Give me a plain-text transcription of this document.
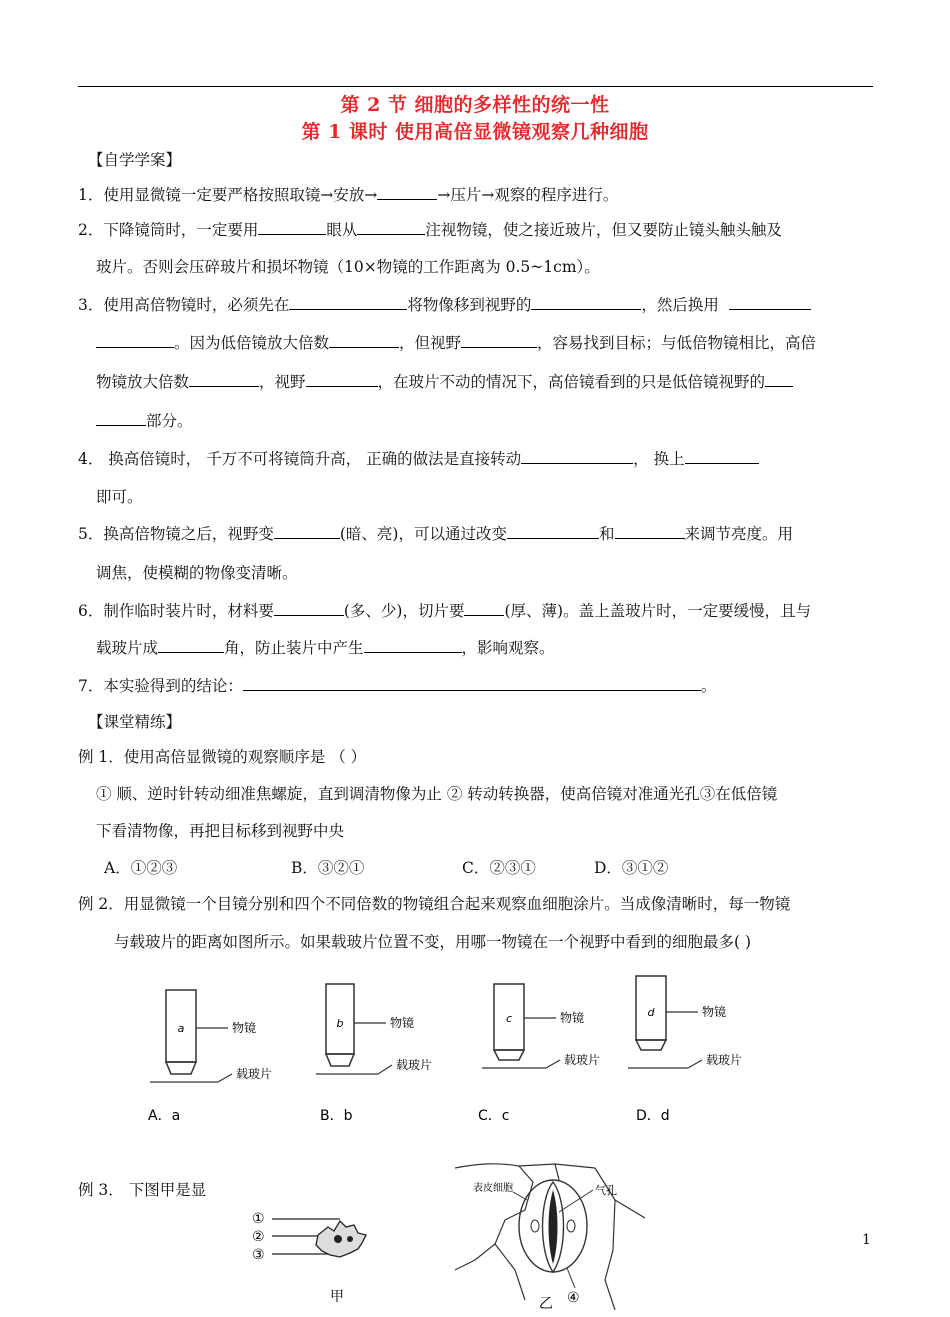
第 2 节 细胞的多样性的统一性
第 1 课时 使用高倍显微镜观察几种细胞
【自学学案】
1．使用显微镜一定要严格按照取镜→安放→	→压片→观察的程序进行。
2．下降镜筒时，一定要用	眼从	注视物镜，使之接近玻片，但又要防止镜头触头触及
玻片。否则会压碎玻片和损坏物镜（10×物镜的工作距离为 0.5~1cm）。
3．使用高倍物镜时，必须先在	将物像移到视野的	，然后换用
。因为低倍镜放大倍数	，但视野	，容易找到目标；与低倍物镜相比，高倍
物镜放大倍数	，视野	，在玻片不动的情况下，高倍镜看到的只是低倍镜视野的
部分。
4． 换高倍镜时， 千万不可将镜筒升高， 正确的做法是直接转动	， 换上
即可。
5．换高倍物镜之后，视野变	(暗、亮)，可以通过改变	和	来调节亮度。用
调焦，使模糊的物像变清晰。
6．制作临时装片时，材料要	(多、少)，切片要	(厚、薄)。盖上盖玻片时，一定要缓慢，且与
载玻片成	角，防止装片中产生	，影响观察。
7．本实验得到的结论：	。
【课堂精练】
例 1．使用高倍显微镜的观察顺序是 （ ）
① 顺、逆时针转动细准焦螺旋，直到调清物像为止 ② 转动转换器，使高倍镜对准通光孔③在低倍镜
下看清物像，再把目标移到视野中央
A．①②③	B．③②①	C．②③①	D．③①②
例 2．用显微镜一个目镜分别和四个不同倍数的物镜组合起来观察血细胞涂片。当成像清晰时，每一物镜
与载玻片的距离如图所示。如果载玻片位置不变，用哪一物镜在一个视野中看到的细胞最多( )
a	物镜
载玻片
A．a
b	物镜
载玻片
B．b
c	物镜
载玻片
C．c
d	物镜
载玻片
D．d
例 3． 下图甲是显
①
②
③
甲
表皮细胞	气孔
乙 ④
1
